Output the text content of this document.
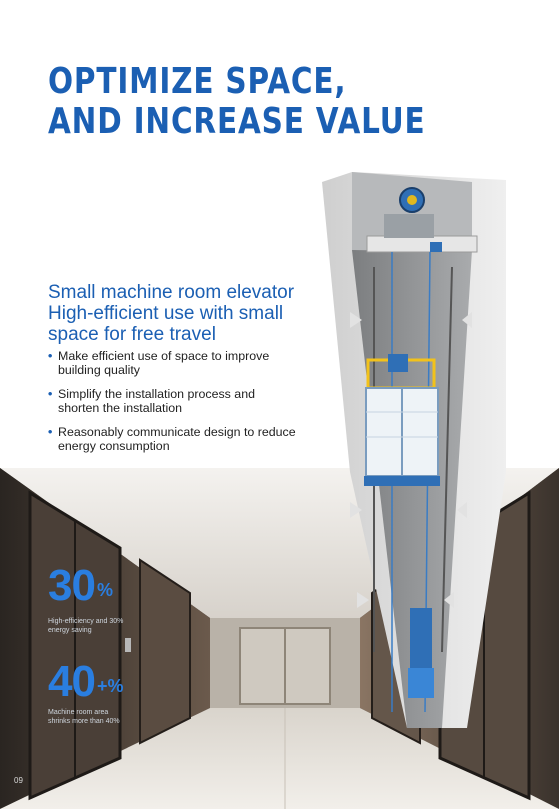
OPTIMIZE SPACE,
AND INCREASE VALUE
Small machine room elevator
High-efficient use with small
space for free travel
• Make efficient use of space to improve building quality
• Simplify the installation process and shorten the installation
• Reasonably communicate design to reduce energy consumption
30 %
High-efficiency and 30% energy saving
40 +%
Machine room area shrinks more than 40%
09
